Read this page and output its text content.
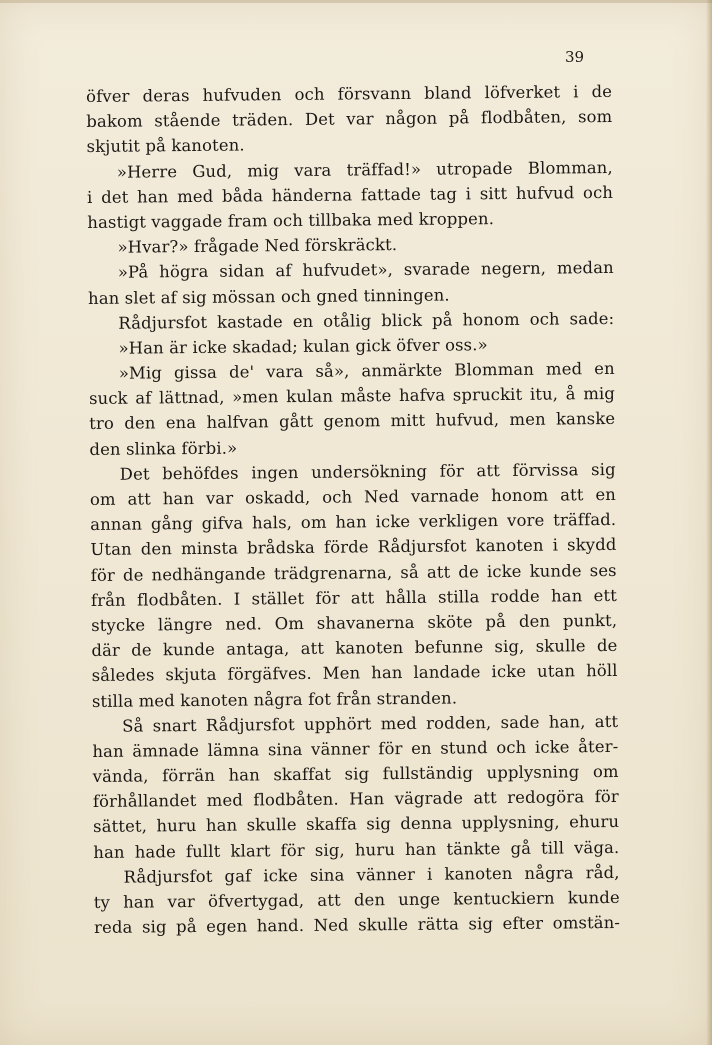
39
öfver deras hufvuden och försvann bland löfverket i de
bakom stående träden. Det var någon på flodbåten, som
skjutit på kanoten.
»Herre Gud, mig vara träffad!» utropade Blomman,
i det han med båda händerna fattade tag i sitt hufvud och
hastigt vaggade fram och tillbaka med kroppen.
»Hvar?» frågade Ned förskräckt.
»På högra sidan af hufvudet», svarade negern, medan
han slet af sig mössan och gned tinningen.
Rådjursfot kastade en otålig blick på honom och sade:
»Han är icke skadad; kulan gick öfver oss.»
»Mig gissa de' vara så», anmärkte Blomman med en
suck af lättnad, »men kulan måste hafva spruckit itu, å mig
tro den ena halfvan gått genom mitt hufvud, men kanske
den slinka förbi.»
Det behöfdes ingen undersökning för att förvissa sig
om att han var oskadd, och Ned varnade honom att en
annan gång gifva hals, om han icke verkligen vore träffad.
Utan den minsta brådska förde Rådjursfot kanoten i skydd
för de nedhängande trädgrenarna, så att de icke kunde ses
från flodbåten. I stället för att hålla stilla rodde han ett
stycke längre ned. Om shavanerna sköte på den punkt,
där de kunde antaga, att kanoten befunne sig, skulle de
således skjuta förgäfves. Men han landade icke utan höll
stilla med kanoten några fot från stranden.
Så snart Rådjursfot upphört med rodden, sade han, att
han ämnade lämna sina vänner för en stund och icke åter-
vända, förrän han skaffat sig fullständig upplysning om
förhållandet med flodbåten. Han vägrade att redogöra för
sättet, huru han skulle skaffa sig denna upplysning, ehuru
han hade fullt klart för sig, huru han tänkte gå till väga.
Rådjursfot gaf icke sina vänner i kanoten några råd,
ty han var öfvertygad, att den unge kentuckiern kunde
reda sig på egen hand. Ned skulle rätta sig efter omstän-
